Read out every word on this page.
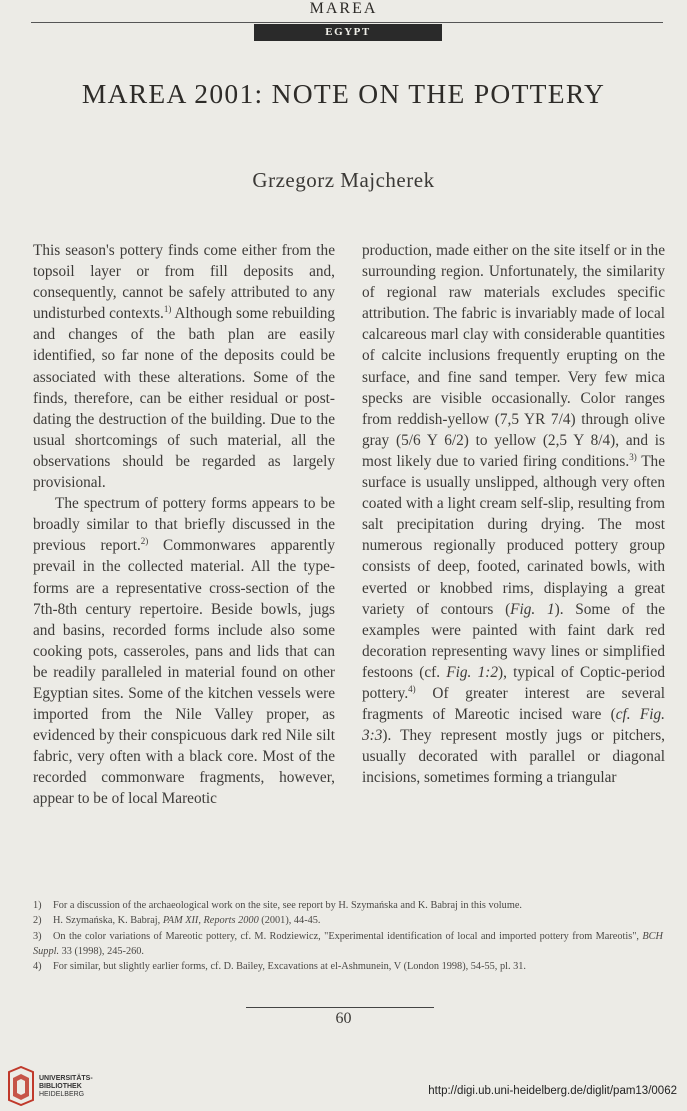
MAREA
EGYPT
MAREA 2001: NOTE ON THE POTTERY
Grzegorz Majcherek

This season's pottery finds come either from the topsoil layer or from fill deposits and, consequently, cannot be safely attributed to any undisturbed contexts.$^{1)}$ Although some rebuilding and changes of the bath plan are easily identified, so far none of the deposits could be associated with these alterations. Some of the finds, therefore, can be either residual or post-dating the destruction of the building. Due to the usual shortcomings of such material, all the observations should be regarded as largely provisional.

The spectrum of pottery forms appears to be broadly similar to that briefly discussed in the previous report.$^{2)}$ Commonwares apparently prevail in the collected material. All the type-forms are a representative cross-section of the 7th-8th century repertoire. Beside bowls, jugs and basins, recorded forms include also some cooking pots, casseroles, pans and lids that can be readily paralleled in material found on other Egyptian sites. Some of the kitchen vessels were imported from the Nile Valley proper, as evidenced by their conspicuous dark red Nile silt fabric, very often with a black core. Most of the recorded commonware fragments, however, appear to be of local Mareotic

production, made either on the site itself or in the surrounding region. Unfortunately, the similarity of regional raw materials excludes specific attribution. The fabric is invariably made of local calcareous marl clay with considerable quantities of calcite inclusions frequently erupting on the surface, and fine sand temper. Very few mica specks are visible occasionally. Color ranges from reddish-yellow (7,5 YR 7/4) through olive gray (5/6 Y 6/2) to yellow (2,5 Y 8/4), and is most likely due to varied firing conditions.$^{3)}$ The surface is usually unslipped, although very often coated with a light cream self-slip, resulting from salt precipitation during drying. The most numerous regionally produced pottery group consists of deep, footed, carinated bowls, with everted or knobbed rims, displaying a great variety of contours (Fig. 1). Some of the examples were painted with faint dark red decoration representing wavy lines or simplified festoons (cf. Fig. 1:2), typical of Coptic-period pottery.$^{4)}$ Of greater interest are several fragments of Mareotic incised ware (cf. Fig. 3:3). They represent mostly jugs or pitchers, usually decorated with parallel or diagonal incisions, sometimes forming a triangular

1) For a discussion of the archaeological work on the site, see report by H. Szymańska and K. Babraj in this volume.
2) H. Szymańska, K. Babraj, PAM XII, Reports 2000 (2001), 44-45.
3) On the color variations of Mareotic pottery, cf. M. Rodziewicz, "Experimental identification of local and imported pottery from Mareotis", BCH Suppl. 33 (1998), 245-260.
4) For similar, but slightly earlier forms, cf. D. Bailey, Excavations at el-Ashmunein, V (London 1998), 54-55, pl. 31.
60
UNIVERSITÄTS-
BIBLIOTHEK
HEIDELBERG	http://digi.ub.uni-heidelberg.de/diglit/pam13/0062
